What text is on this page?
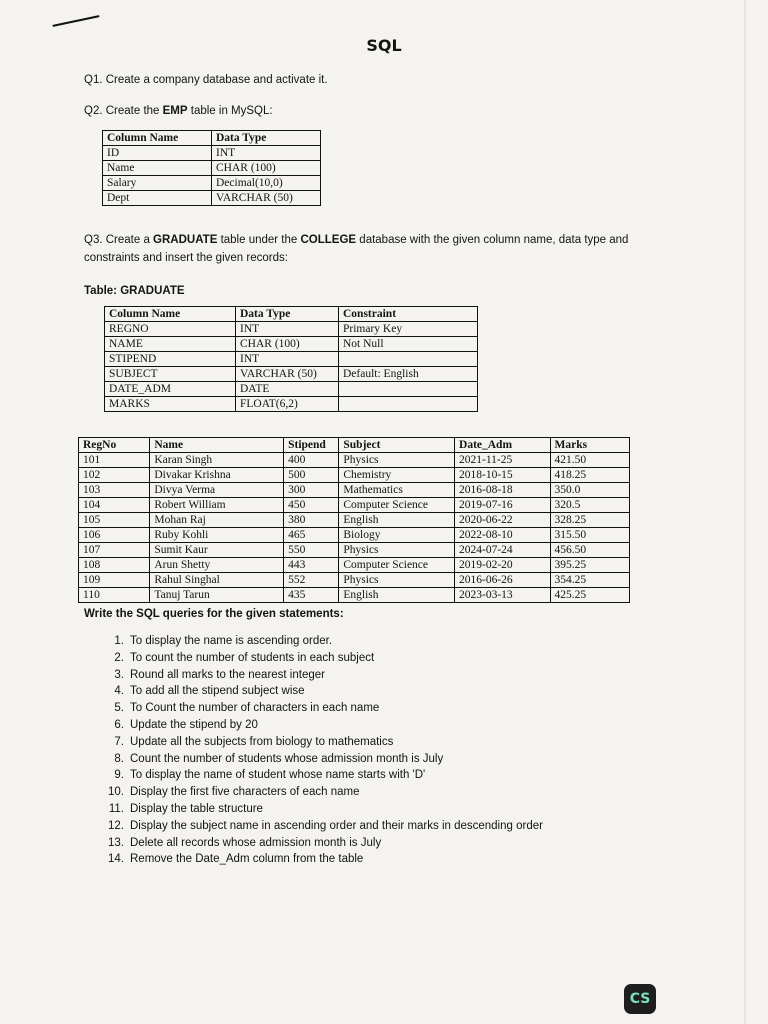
SQL
Q1. Create a company database and activate it.
Q2. Create the EMP table in MySQL:
Column Name	Data Type
ID	INT
Name	CHAR (100)
Salary	Decimal(10,0)
Dept	VARCHAR (50)
Q3. Create a GRADUATE table under the COLLEGE database with the given column name, data type and
constraints and insert the given records:
Table: GRADUATE
Column Name	Data Type	Constraint
REGNO	INT	Primary Key
NAME	CHAR (100)	Not Null
STIPEND	INT	
SUBJECT	VARCHAR (50)	Default: English
DATE_ADM	DATE	
MARKS	FLOAT(6,2)	
RegNo	Name	Stipend	Subject	Date_Adm	Marks
101	Karan Singh	400	Physics	2021-11-25	421.50
102	Divakar Krishna	500	Chemistry	2018-10-15	418.25
103	Divya Verma	300	Mathematics	2016-08-18	350.0
104	Robert William	450	Computer Science	2019-07-16	320.5
105	Mohan Raj	380	English	2020-06-22	328.25
106	Ruby Kohli	465	Biology	2022-08-10	315.50
107	Sumit Kaur	550	Physics	2024-07-24	456.50
108	Arun Shetty	443	Computer Science	2019-02-20	395.25
109	Rahul Singhal	552	Physics	2016-06-26	354.25
110	Tanuj Tarun	435	English	2023-03-13	425.25
Write the SQL queries for the given statements:
1. To display the name is ascending order.
2. To count the number of students in each subject
3. Round all marks to the nearest integer
4. To add all the stipend subject wise
5. To Count the number of characters in each name
6. Update the stipend by 20
7. Update all the subjects from biology to mathematics
8. Count the number of students whose admission month is July
9. To display the name of student whose name starts with 'D'
10. Display the first five characters of each name
11. Display the table structure
12. Display the subject name in ascending order and their marks in descending order
13. Delete all records whose admission month is July
14. Remove the Date_Adm column from the table
CS
